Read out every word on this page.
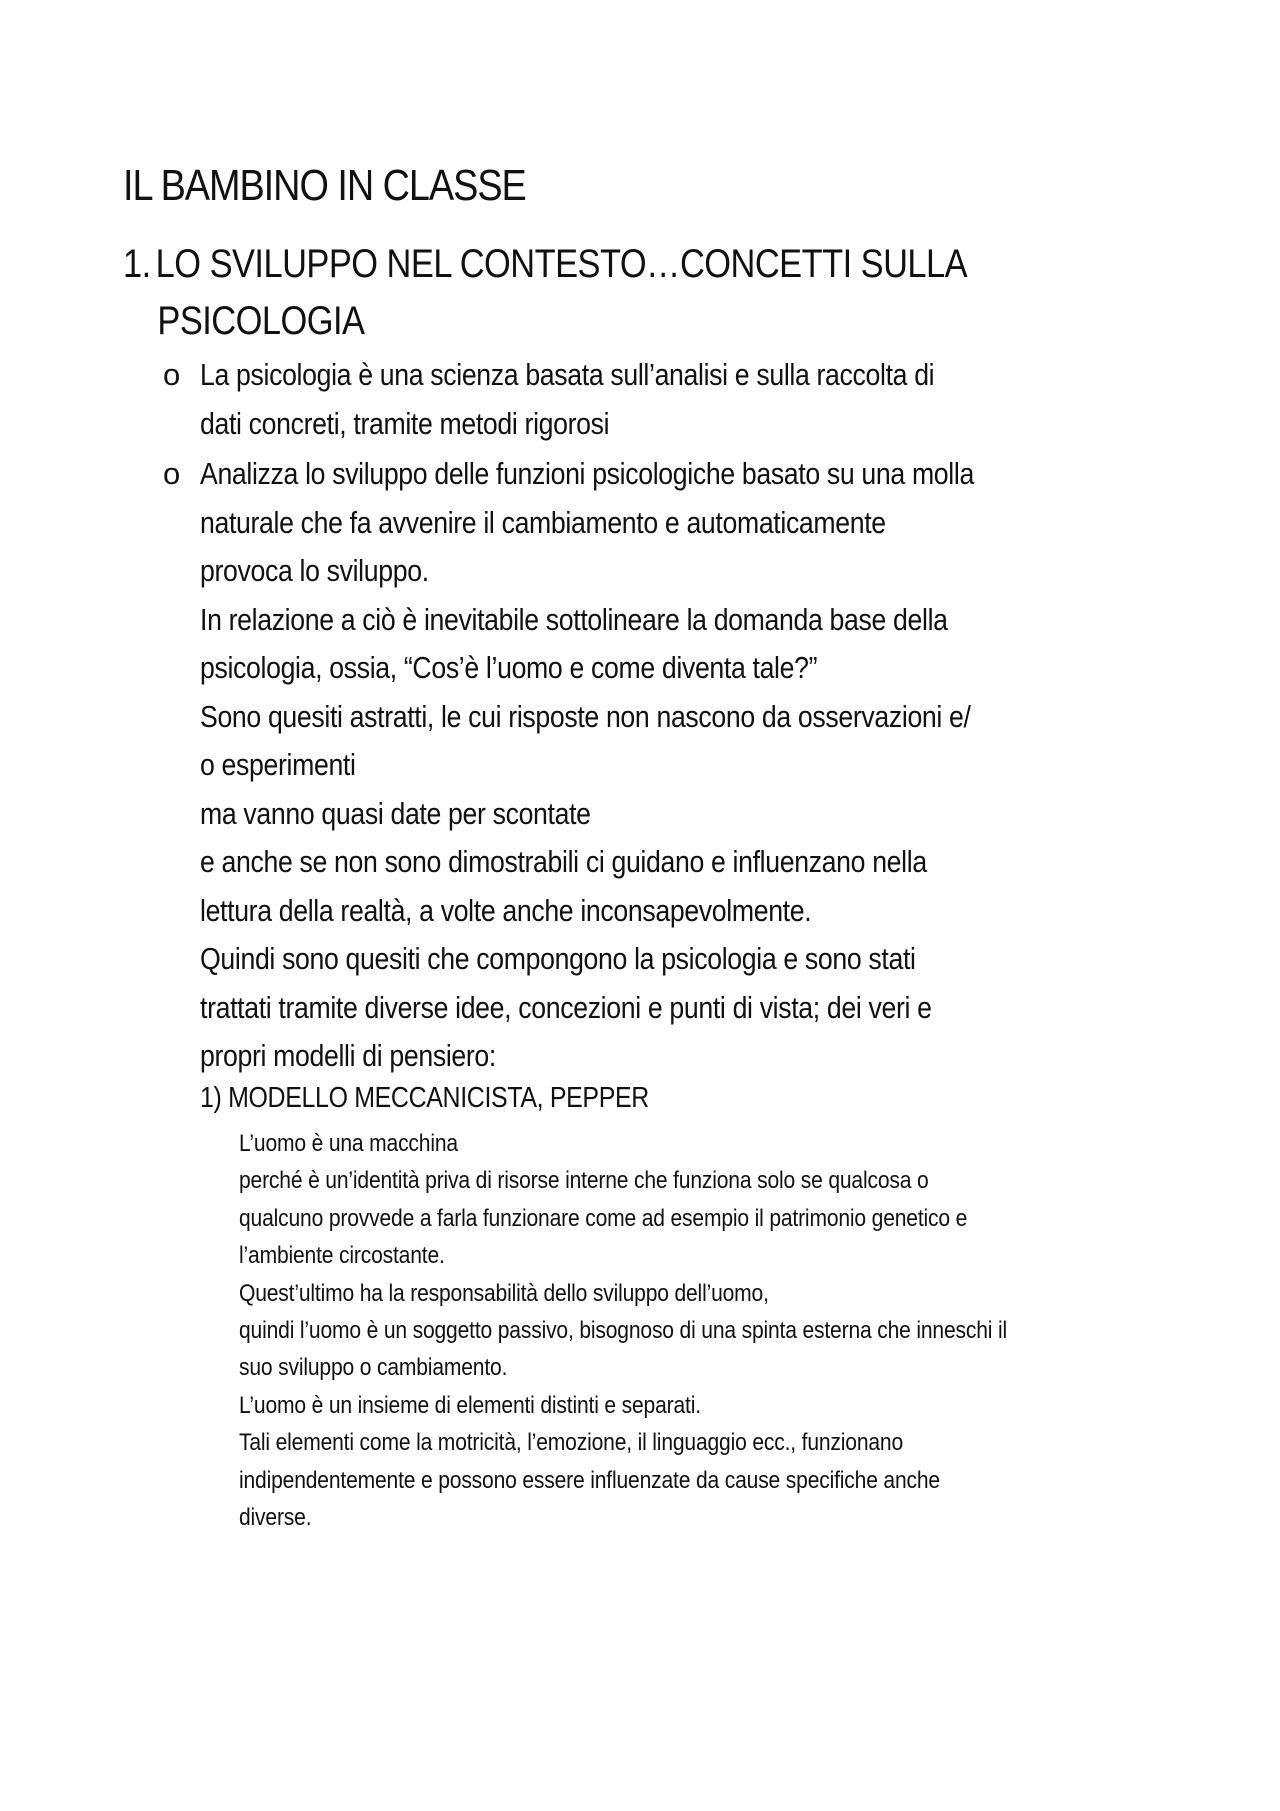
IL BAMBINO IN CLASSE
1. LO SVILUPPO NEL CONTESTO…CONCETTI SULLA
PSICOLOGIA
o La psicologia è una scienza basata sull’analisi e sulla raccolta di
dati concreti, tramite metodi rigorosi
o Analizza lo sviluppo delle funzioni psicologiche basato su una molla
naturale che fa avvenire il cambiamento e automaticamente
provoca lo sviluppo.
In relazione a ciò è inevitabile sottolineare la domanda base della
psicologia, ossia, “Cos’è l’uomo e come diventa tale?”
Sono quesiti astratti, le cui risposte non nascono da osservazioni e/
o esperimenti
ma vanno quasi date per scontate
e anche se non sono dimostrabili ci guidano e influenzano nella
lettura della realtà, a volte anche inconsapevolmente.
Quindi sono quesiti che compongono la psicologia e sono stati
trattati tramite diverse idee, concezioni e punti di vista; dei veri e
propri modelli di pensiero:
1) MODELLO MECCANICISTA, PEPPER
L’uomo è una macchina
perché è un’identità priva di risorse interne che funziona solo se qualcosa o
qualcuno provvede a farla funzionare come ad esempio il patrimonio genetico e
l’ambiente circostante.
Quest’ultimo ha la responsabilità dello sviluppo dell’uomo,
quindi l’uomo è un soggetto passivo, bisognoso di una spinta esterna che inneschi il
suo sviluppo o cambiamento.
L’uomo è un insieme di elementi distinti e separati.
Tali elementi come la motricità, l’emozione, il linguaggio ecc., funzionano
indipendentemente e possono essere influenzate da cause specifiche anche
diverse.
